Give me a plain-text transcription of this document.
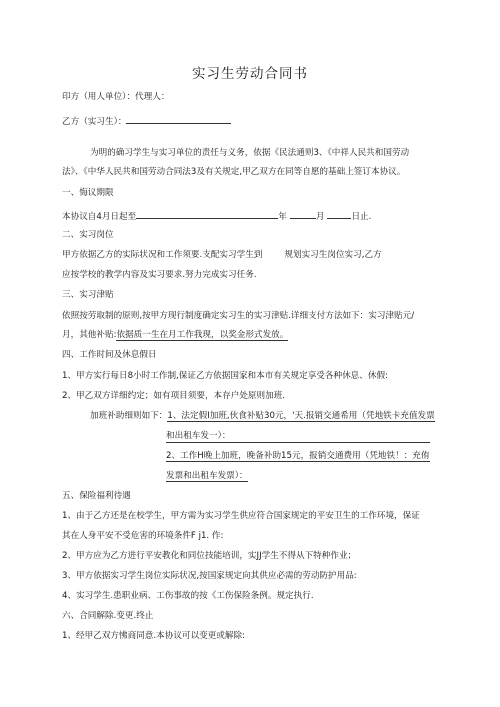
实习生劳动合同书
印方（用人单位）：代理人：
乙方（实习生）：
为明的确习学生与实习单位的责任与义务，依据《民法通则3、《中祥人民共和国劳动
法》、《中华人民共和国劳动合同法3及有关规定,甲乙双方在同等自愿的基础上签订本协议。
一、悔议期限
本协议自4月日起至	年	月	日止.
二、实习岗位
甲方依据乙方的实际状况和工作须要.支配实习学生到	规划实习生岗位实习,乙方
应按学校的教学内容及实习要求.努力完成实习任务.
三、实习津贴
依照按劳取制的原则,按甲方现行制度确定实习生的实习津贴.详细支付方法如下：实习津贴元/
月，其他补贴:依据质一生在月工作我现，以奖金形式发放。
四、工作时间及休息假日
1、甲方实行每日8小时工作制,保证乙方依据国家和本市有关规定享受各种休息、休假:
2、甲乙双方详细约定；如有项目须要，本存户处原则加班.
加班补助细则如下：1、法定假I加班,伙食补贴30元，'天.报销交通希用（凭地铁卡充值发票
和出租车发一）：
2、工作H晚上加班，晚备补助15元，报销交通费用（凭地铁！：充侑
发票和出租车发票）：
五、保险福利待遇
1、由于乙方还是在校学生，甲方需为实习学生供应符合国家规定的平安卫生的工作环境，保证
其在人身平安不受危害的环境条件F j1. 作:
2、甲方应为乙方进行平安教化和同位技能培训，实JJ学生不得从下特种作业；
3、甲方依据实习学生岗位实际状况,按国家规定向其供应必需的劳动防护用品:
4、实习学生.患职业病、工伤事故的按《工伤保险条例。规定执行.
六、合同解除.变更.终止
1、经甲乙双方怫商同意.本协议可以变更或解除:
